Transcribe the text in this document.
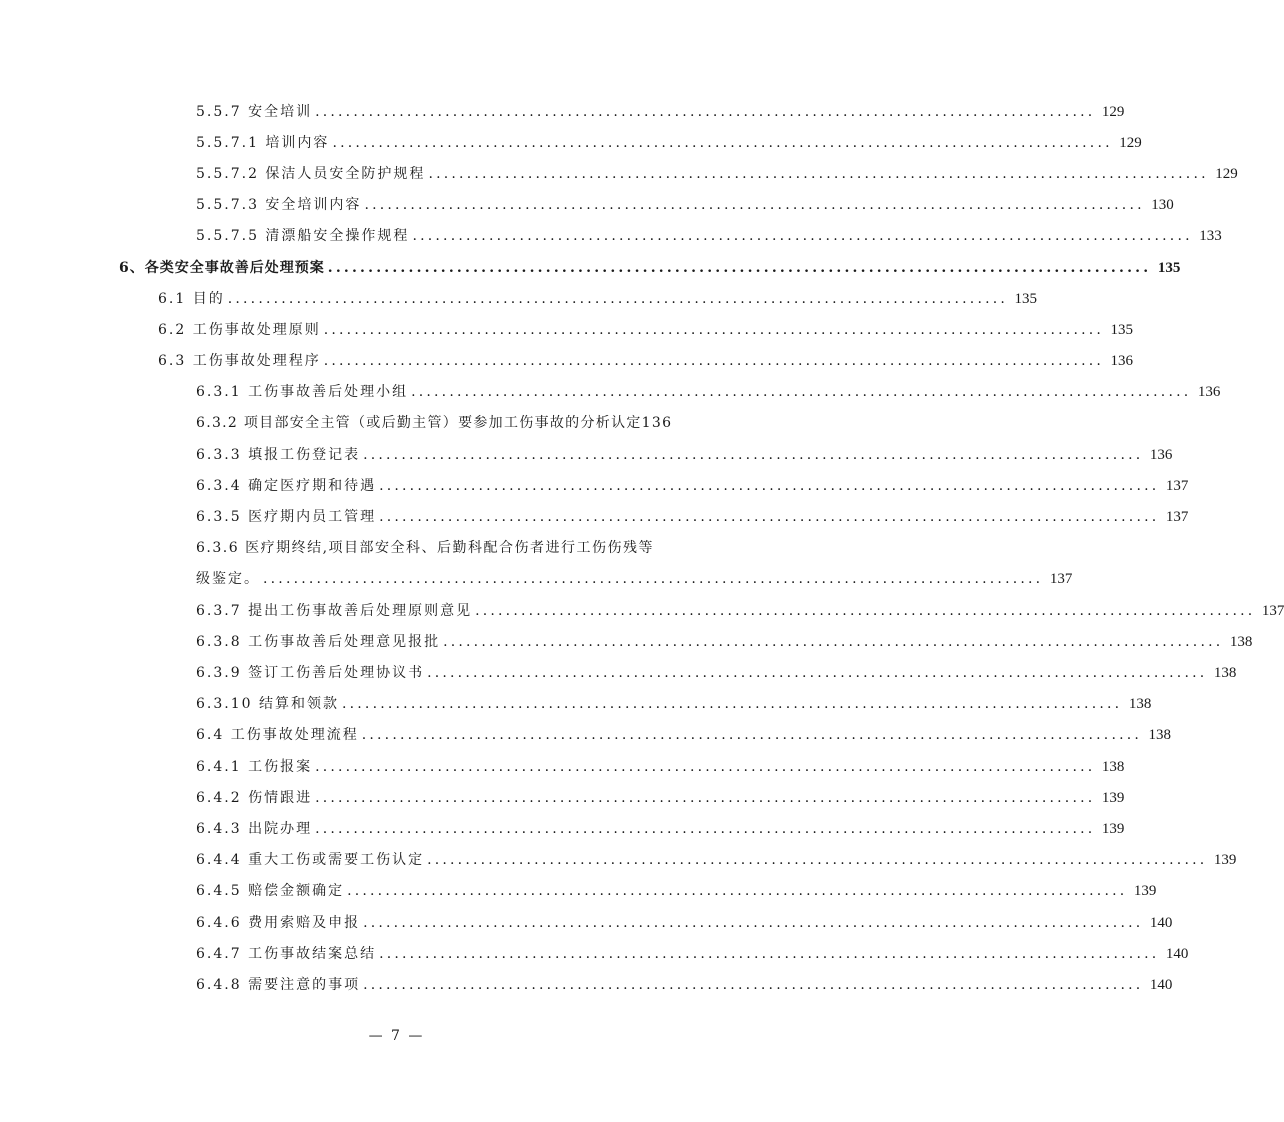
5.5.7 安全培训 ...................................................................................................... 129
5.5.7.1 培训内容 ...................................................................................................... 129
5.5.7.2 保洁人员安全防护规程 ...................................................................................................... 129
5.5.7.3 安全培训内容 ...................................................................................................... 130
5.5.7.5 清漂船安全操作规程 ...................................................................................................... 133
6、各类安全事故善后处理预案 ...................................................................................................... 135
6.1 目的 ...................................................................................................... 135
6.2 工伤事故处理原则 ...................................................................................................... 135
6.3 工伤事故处理程序 ...................................................................................................... 136
6.3.1 工伤事故善后处理小组 ...................................................................................................... 136
6.3.2 项目部安全主管（或后勤主管）要参加工伤事故的分析认定136
6.3.3 填报工伤登记表 ...................................................................................................... 136
6.3.4 确定医疗期和待遇 ...................................................................................................... 137
6.3.5 医疗期内员工管理 ...................................................................................................... 137
6.3.6 医疗期终结,项目部安全科、后勤科配合伤者进行工伤伤残等
级鉴定。 ...................................................................................................... 137
6.3.7 提出工伤事故善后处理原则意见 ...................................................................................................... 137
6.3.8 工伤事故善后处理意见报批 ...................................................................................................... 138
6.3.9 签订工伤善后处理协议书 ...................................................................................................... 138
6.3.10 结算和领款 ...................................................................................................... 138
6.4 工伤事故处理流程 ...................................................................................................... 138
6.4.1 工伤报案 ...................................................................................................... 138
6.4.2 伤情跟进 ...................................................................................................... 139
6.4.3 出院办理 ...................................................................................................... 139
6.4.4 重大工伤或需要工伤认定 ...................................................................................................... 139
6.4.5 赔偿金额确定 ...................................................................................................... 139
6.4.6 费用索赔及申报 ...................................................................................................... 140
6.4.7 工伤事故结案总结 ...................................................................................................... 140
6.4.8 需要注意的事项 ...................................................................................................... 140
— 7 —
